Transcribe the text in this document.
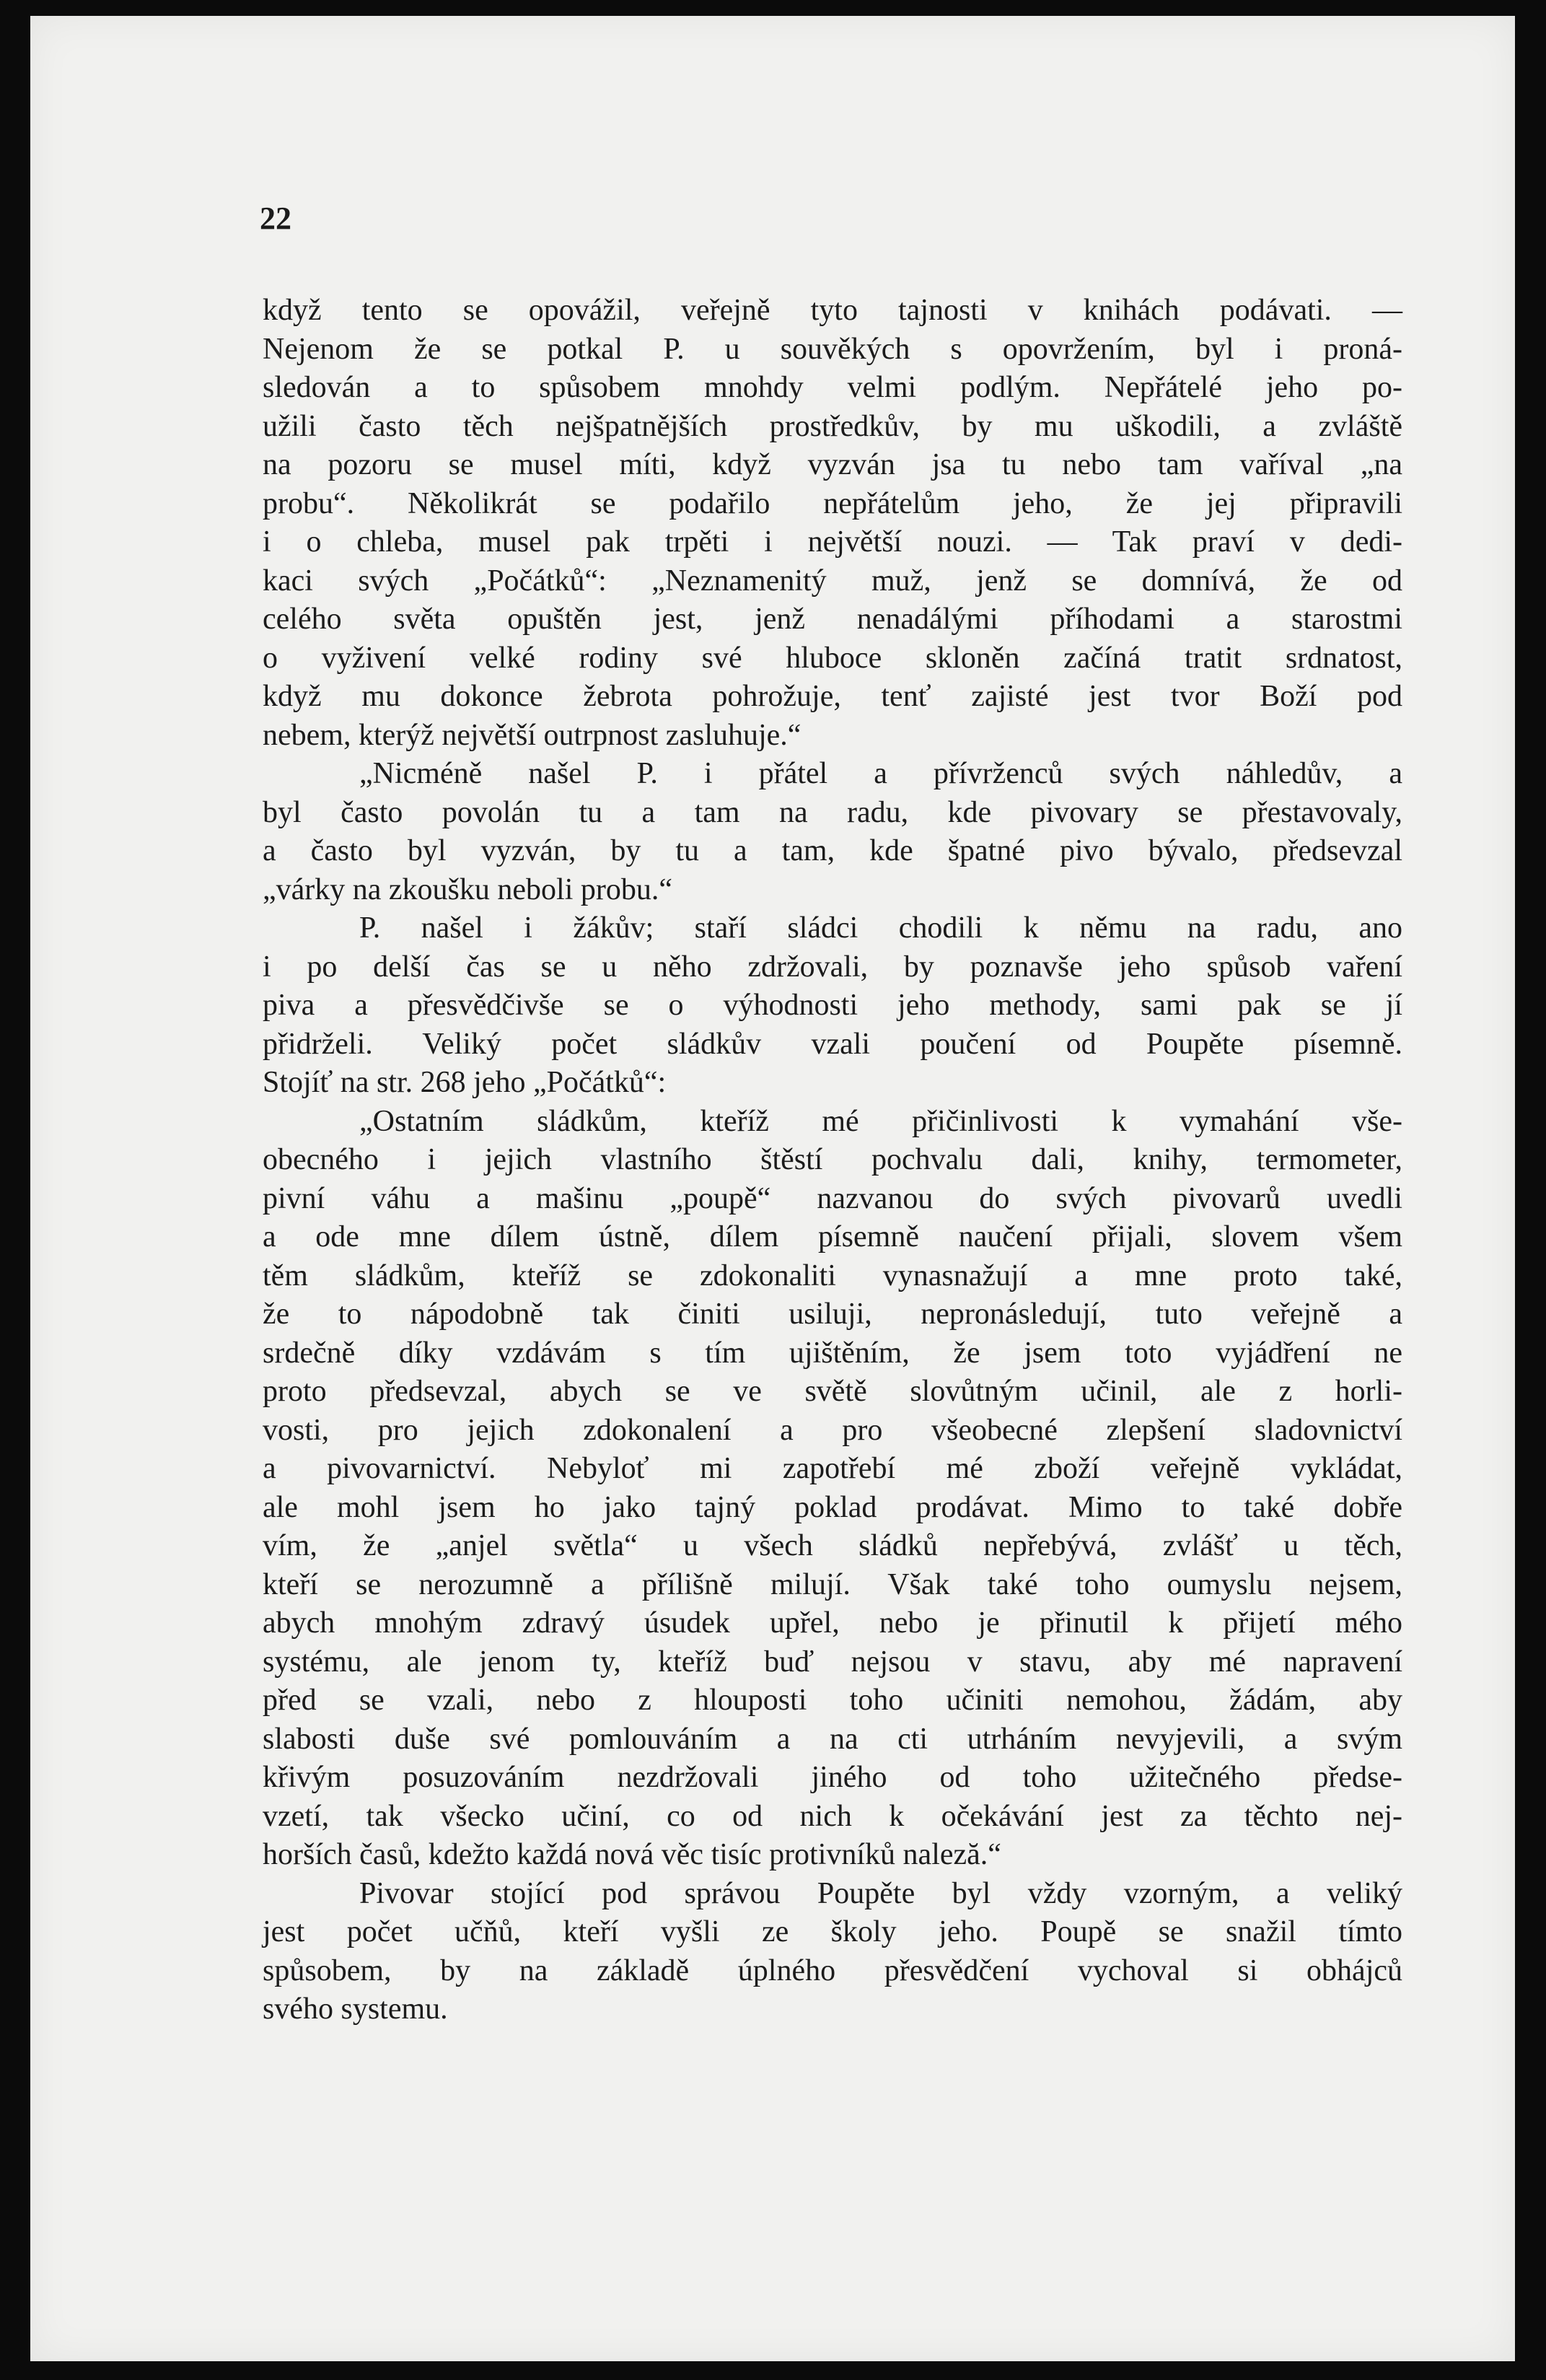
22

když tento se opovážil, veřejně tyto tajnosti v knihách podávati. —
Nejenom že se potkal P. u souvěkých s opovržením, byl i proná-
sledován a to spůsobem mnohdy velmi podlým. Nepřátelé jeho po-
užili často těch nejšpatnějších prostředkův, by mu uškodili, a zvláště
na pozoru se musel míti, když vyzván jsa tu nebo tam vaříval „na
probu“. Několikrát se podařilo nepřátelům jeho, že jej připravili
i o chleba, musel pak trpěti i největší nouzi. — Tak praví v dedi-
kaci svých „Počátků“: „Neznamenitý muž, jenž se domnívá, že od
celého světa opuštěn jest, jenž nenadálými příhodami a starostmi
o vyživení velké rodiny své hluboce skloněn začíná tratit srdnatost,
když mu dokonce žebrota pohrožuje, tenť zajisté jest tvor Boží pod
nebem, kterýž největší outrpnost zasluhuje.“
„Nicméně našel P. i přátel a přívrženců svých náhledův, a
byl často povolán tu a tam na radu, kde pivovary se přestavovaly,
a často byl vyzván, by tu a tam, kde špatné pivo bývalo, předsevzal
„várky na zkoušku neboli probu.“
P. našel i žákův; staří sládci chodili k němu na radu, ano
i po delší čas se u něho zdržovali, by poznavše jeho spůsob vaření
piva a přesvědčivše se o výhodnosti jeho methody, sami pak se jí
přidrželi. Veliký počet sládkův vzali poučení od Poupěte písemně.
Stojíť na str. 268 jeho „Počátků“:
„Ostatním sládkům, kteříž mé přičinlivosti k vymahání vše-
obecného i jejich vlastního štěstí pochvalu dali, knihy, termometer,
pivní váhu a mašinu „poupě“ nazvanou do svých pivovarů uvedli
a ode mne dílem ústně, dílem písemně naučení přijali, slovem všem
těm sládkům, kteříž se zdokonaliti vynasnažují a mne proto také,
že to nápodobně tak činiti usiluji, nepronásledují, tuto veřejně a
srdečně díky vzdávám s tím ujištěním, že jsem toto vyjádření ne
proto předsevzal, abych se ve světě slovůtným učinil, ale z horli-
vosti, pro jejich zdokonalení a pro všeobecné zlepšení sladovnictví
a pivovarnictví. Nebyloť mi zapotřebí mé zboží veřejně vykládat,
ale mohl jsem ho jako tajný poklad prodávat. Mimo to také dobře
vím, že „anjel světla“ u všech sládků nepřebývá, zvlášť u těch,
kteří se nerozumně a přílišně milují. Však také toho oumyslu nejsem,
abych mnohým zdravý úsudek upřel, nebo je přinutil k přijetí mého
systému, ale jenom ty, kteříž buď nejsou v stavu, aby mé napravení
před se vzali, nebo z hlouposti toho učiniti nemohou, žádám, aby
slabosti duše své pomlouváním a na cti utrháním nevyjevili, a svým
křivým posuzováním nezdržovali jiného od toho užitečného předse-
vzetí, tak všecko učiní, co od nich k očekávání jest za těchto nej-
horších časů, kdežto každá nová věc tisíc protivníků naleză.“
Pivovar stojící pod správou Poupěte byl vždy vzorným, a veliký
jest počet učňů, kteří vyšli ze školy jeho. Poupě se snažil tímto
spůsobem, by na základě úplného přesvědčení vychoval si obhájců
svého systemu.
